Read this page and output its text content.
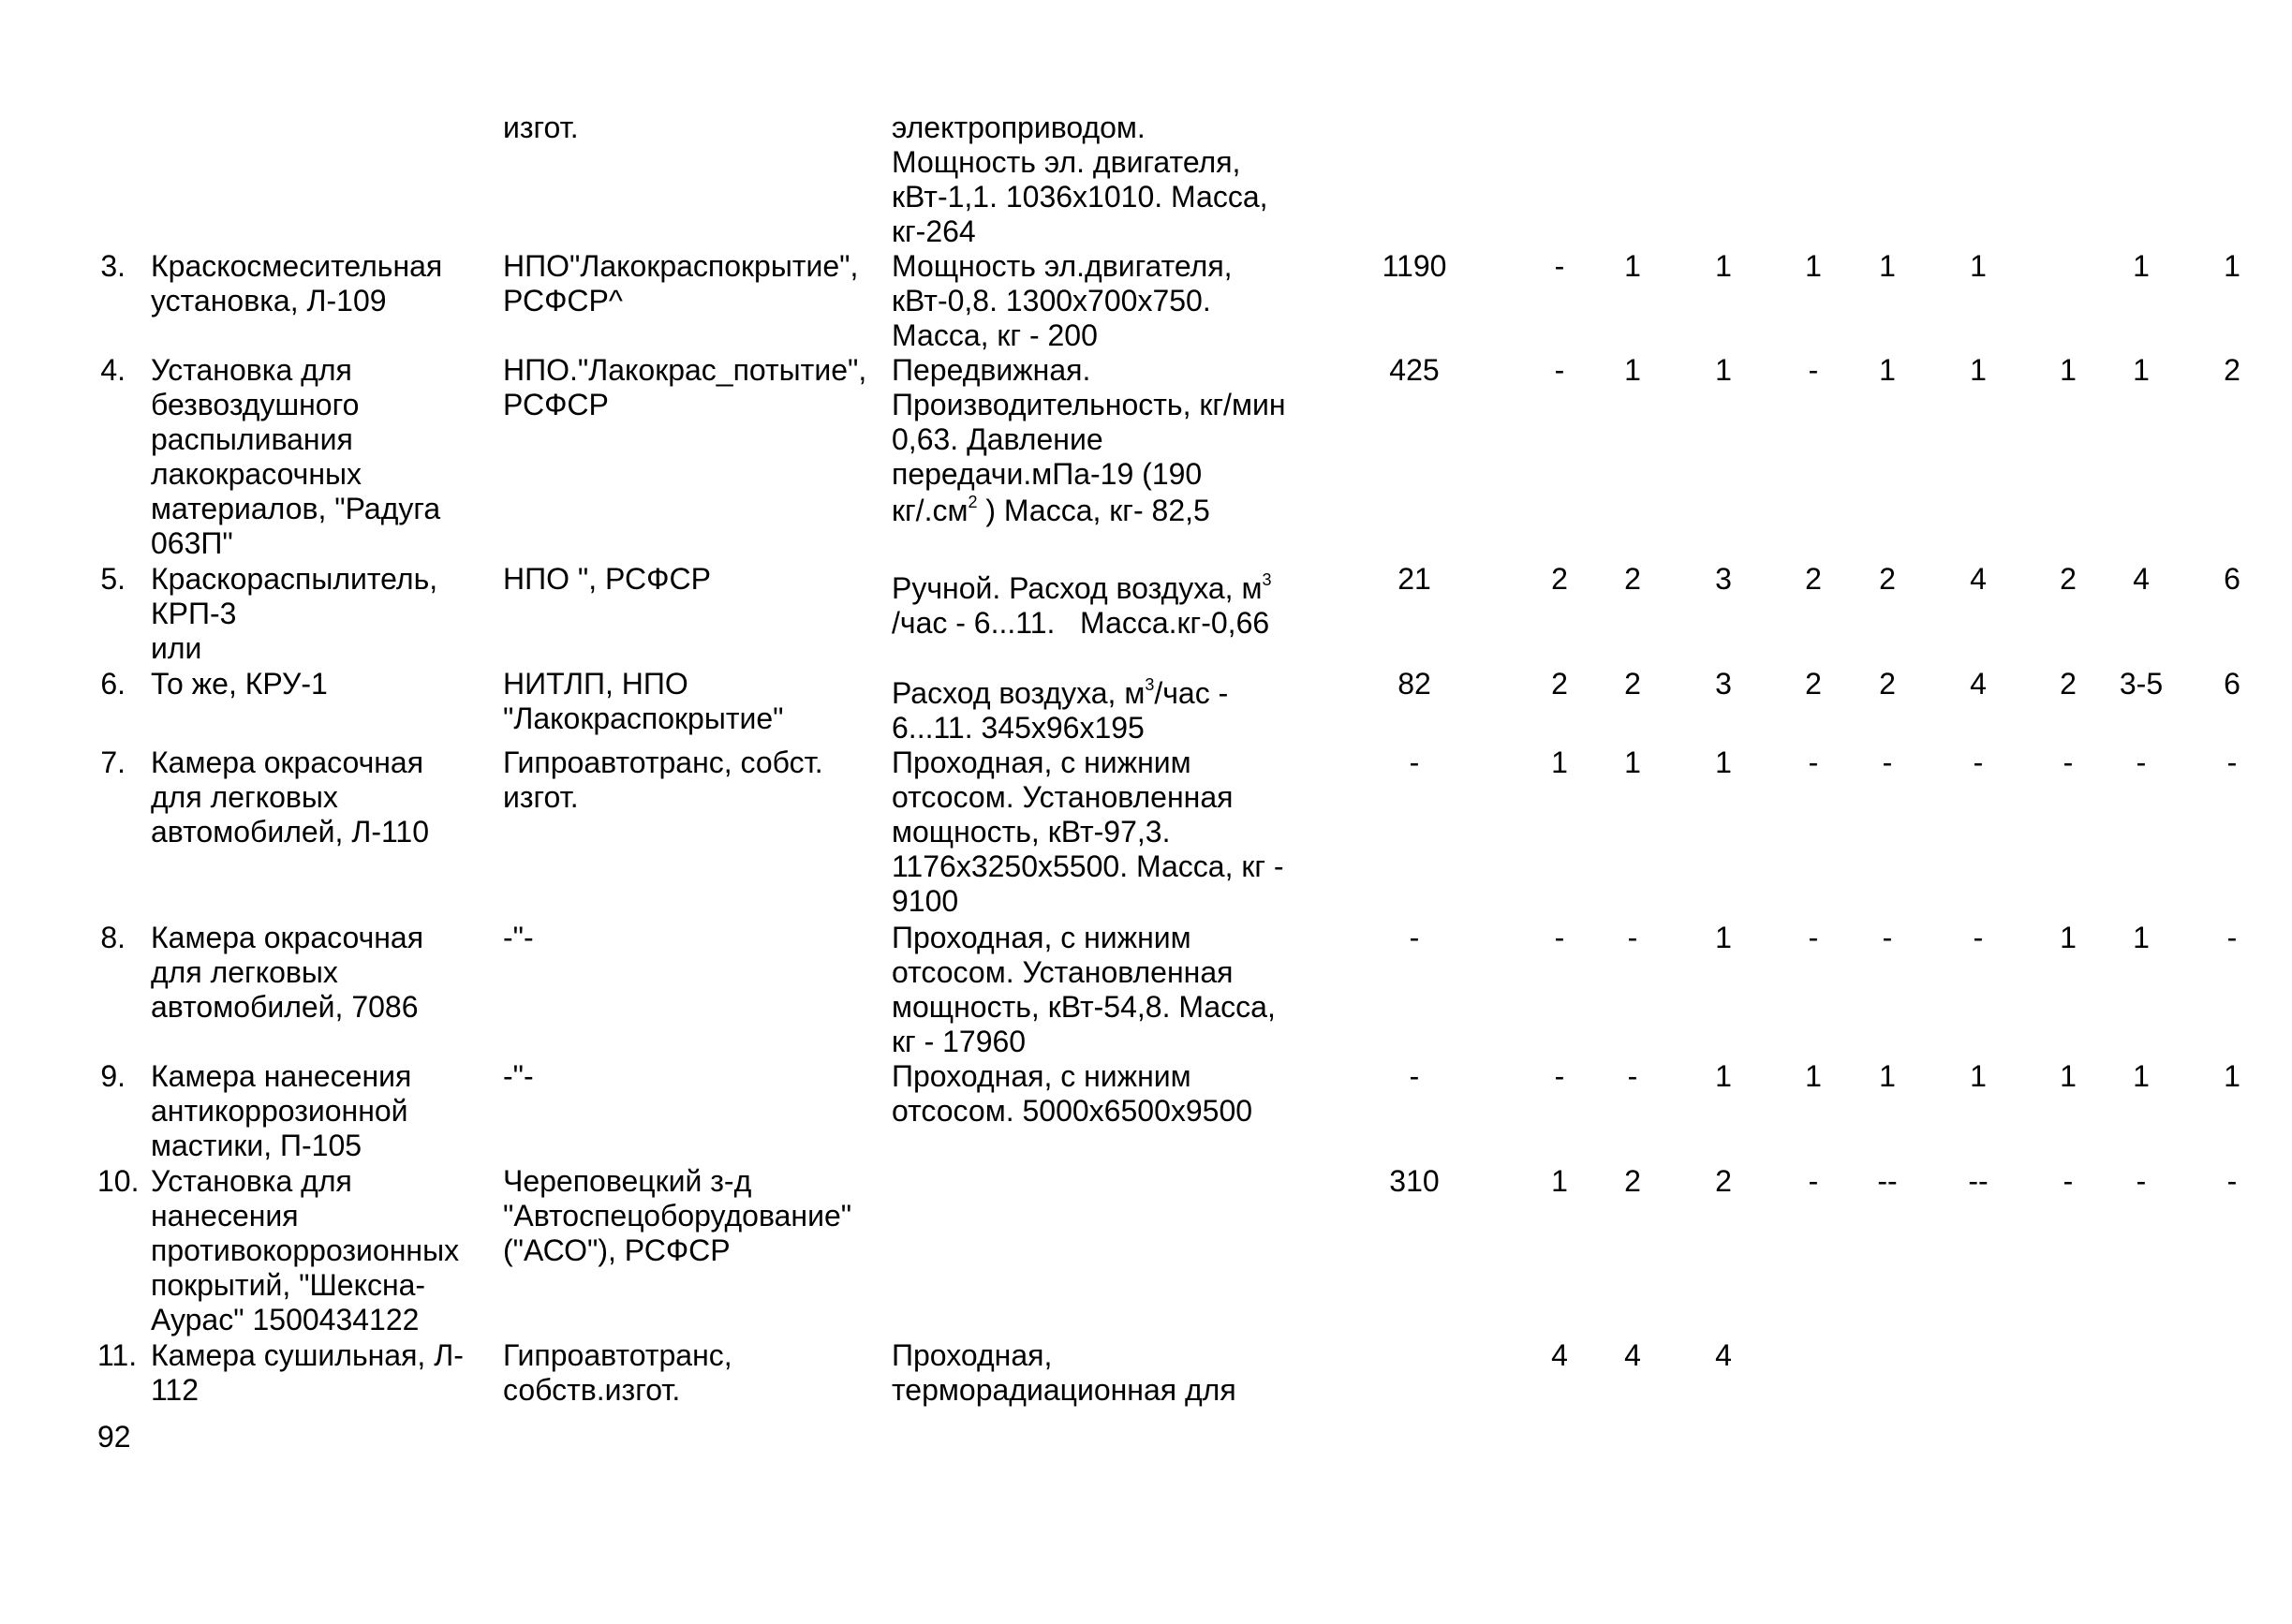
изгот.	электроприводом.
Мощность эл. двигателя,
кВт-1,1. 1036x1010. Масса,
кг-264
3. Краскосмесительная
установка, Л-109
НПО"Лакокраспокрытие",
РСФСР^
Мощность эл.двигателя,
кВт-0,8. 1300x700x750.
Масса, кг - 200
1190	-	1	1	1	1	1	1	1
4. Установка для
безвоздушного
распыливания
лакокрасочных
материалов, "Радуга
063П"
НПО."Лакокрас_потытие",
РСФСР
Передвижная.
Производительность, кг/мин
0,63. Давление
передачи.мПа-19 (190
$кг/.см^2$ ) Масса, кг- 82,5
425	-	1	1	-	1	1	1	1	2
5. Краскораспылитель,
КРП-3
или
НПО ", РСФСР	Ручной. Расход воздуха, $м^3$
/час - 6...11.   Масса.кг-0,66
21	2	2	3	2	2	4	2	4	6
6. То же, КРУ-1	НИТЛП, НПО
"Лакокраспокрытие"
Расход воздуха, $м^3$/час -
6...11. 345x96x195
82	2	2	3	2	2	4	2	3-5	6
7. Камера окрасочная
для легковых
автомобилей, Л-110
Гипроавтотранс, собст.
изгот.
Проходная, с нижним
отсосом. Установленная
мощность, кВт-97,3.
1176x3250x5500. Масса, кг -
9100
-	1	1	1	-	-	-	-	-	-
8. Камера окрасочная
для легковых
автомобилей, 7086
-"-	Проходная, с нижним
отсосом. Установленная
мощность, кВт-54,8. Масса,
кг - 17960
-	-	-	1	-	-	-	1	1	-
9. Камера нанесения
антикоррозионной
мастики, П-105
-"-	Проходная, с нижним
отсосом. 5000x6500x9500
-	-	-	1	1	1	1	1	1	1
10. Установка для
нанесения
противокоррозионных
покрытий, "Шексна-
Аурас" 1500434122
Череповецкий з-д
"Автоспецоборудование"
("АСО"), РСФСР
310	1	2	2	-	--	--	-	-	-
11. Камера сушильная, Л-
112
Гипроавтотранс,
собств.изгот.
Проходная,
терморадиационная для
4	4	4
92
